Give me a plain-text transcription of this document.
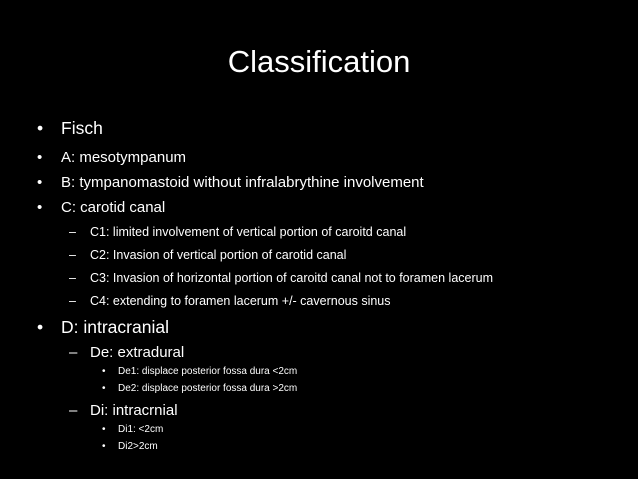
Classification
• Fisch
• A: mesotympanum
• B: tympanomastoid without infralabrythine involvement
• C: carotid canal
– C1: limited involvement of vertical portion of caroitd canal
– C2: Invasion of vertical portion of carotid canal
– C3: Invasion of horizontal portion of caroitd canal not to foramen lacerum
– C4: extending to foramen lacerum +/- cavernous sinus
• D: intracranial
– De: extradural
• De1: displace posterior fossa dura <2cm
• De2: displace posterior fossa dura >2cm
– Di: intracrnial
• Di1: <2cm
• Di2>2cm
